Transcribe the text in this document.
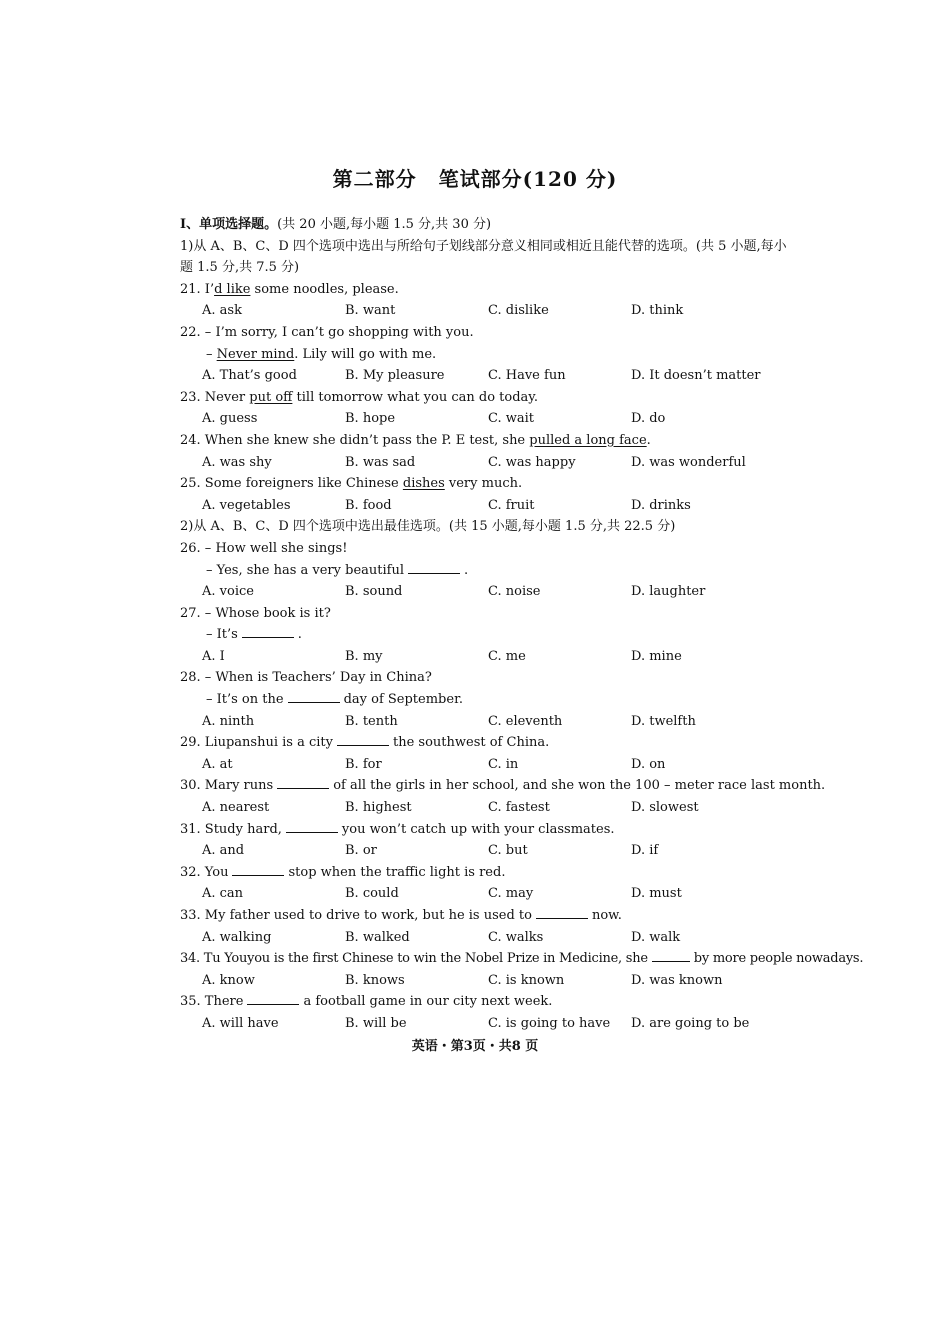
第二部分 笔试部分(120 分)
Ⅰ、单项选择题。(共 20 小题,每小题 1.5 分,共 30 分)
1)从 A、B、C、D 四个选项中选出与所给句子划线部分意义相同或相近且能代替的选项。(共 5 小题,每小题 1.5 分,共 7.5 分)
21. I’d like some noodles, please.
A. ask	B. want	C. dislike	D. think
22. – I’m sorry, I can’t go shopping with you.
– Never mind. Lily will go with me.
A. That’s good	B. My pleasure	C. Have fun	D. It doesn’t matter
23. Never put off till tomorrow what you can do today.
A. guess	B. hope	C. wait	D. do
24. When she knew she didn’t pass the P. E test, she pulled a long face.
A. was shy	B. was sad	C. was happy	D. was wonderful
25. Some foreigners like Chinese dishes very much.
A. vegetables	B. food	C. fruit	D. drinks
2)从 A、B、C、D 四个选项中选出最佳选项。(共 15 小题,每小题 1.5 分,共 22.5 分)
26. – How well she sings!
– Yes, she has a very beautiful	.
A. voice	B. sound	C. noise	D. laughter
27. – Whose book is it?
– It’s	.
A. I	B. my	C. me	D. mine
28. – When is Teachers’ Day in China?
– It’s on the	day of September.
A. ninth	B. tenth	C. eleventh	D. twelfth
29. Liupanshui is a city	the southwest of China.
A. at	B. for	C. in	D. on
30. Mary runs	of all the girls in her school, and she won the 100 – meter race last month.
A. nearest	B. highest	C. fastest	D. slowest
31. Study hard,	you won’t catch up with your classmates.
A. and	B. or	C. but	D. if
32. You	stop when the traffic light is red.
A. can	B. could	C. may	D. must
33. My father used to drive to work, but he is used to	now.
A. walking	B. walked	C. walks	D. walk
34. Tu Youyou is the first Chinese to win the Nobel Prize in Medicine, she	by more people nowadays.
A. know	B. knows	C. is known	D. was known
35. There	a football game in our city next week.
A. will have	B. will be	C. is going to have	D. are going to be
英语・第3页・共8 页
